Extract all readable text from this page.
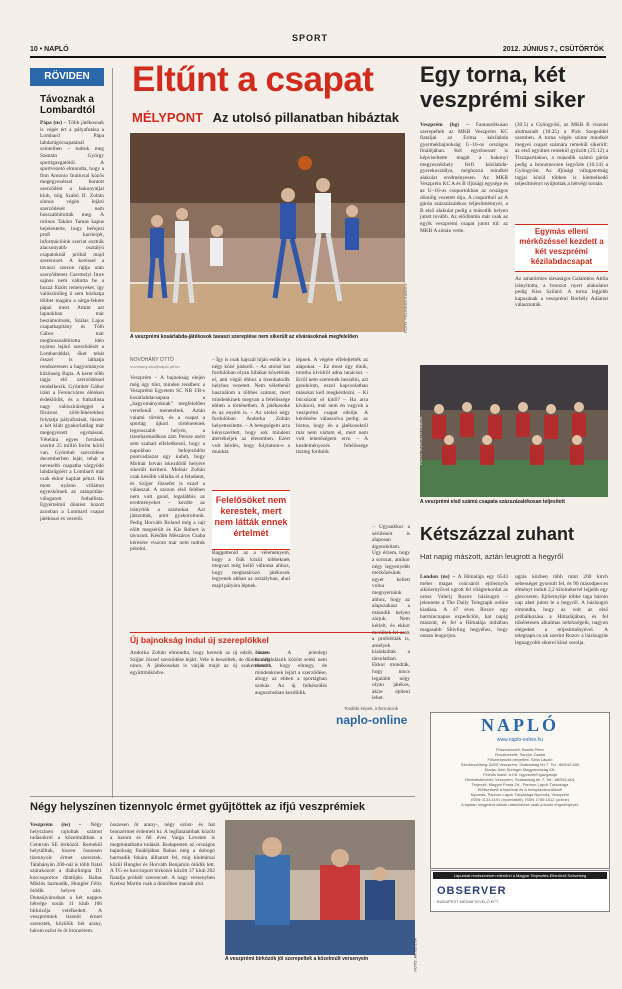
10 • NAPLÓ
SPORT
2012. JÚNIUS 7., CSÜTÖRTÖK
RÖVIDEN
Távoznak a Lombardtól

Pápa (ns) – Több játékosnak is végét ért a pályafutása a Lombard Pápa labdarúgócsapatánál szinteiben – tudtuk meg Szentán György sportigazgatótól. A sportvezető elmondta, hogy a finn Antonio Inuituval közös megegyezéssel bontott szerződést a hakonyaljai klub, míg Szabó II. Zoltán sínnus végén lejáró szerződését nem hosszabbították meg. A rutinos Takács Tamás kapus bejelentette, hogy befejezi profi karrierjét, információink szerint osztrák alacsonyabb osztályú csapatoknál próbál majd szerencsét. A keréssel a tavaszi szezon rajtja után szerződtetett Csermelyi Imre sajnos nem váltotta be a hozzá fűzött reményeket, így valószínűleg ő sem húzhatja többet magára a sárga-fekete pápai mezt. Amint azt lapunkban már beszámoltunk, Szálas Lajos csapatkapitány és Tóth Gábor már meghosszabbította idén nyáron lejáró szerződését a Lombardddal, őket tehát ősszel is láthatja rendszeresen a hagyományos közönség Bajta. A keret több tagja elő szerződéssel rendelkezik. Gyömbér Gábor iránt a Ferencváros élénken érdeklődik, és a futballista nagy valószínűséggel a fővárosi zöld-fehérekhez folytatja pályafutását, hiszen a két klub gyakorlatilag már megegyezett egymással. Vételára egyes források szerint 25 millió forint körül van. Gyömbér szerződése decemberben lejár, tehát a nevesebb csapatba várgyódó labdarúgóért a Lombard már csak ekkor kaphat pénzt. Ha most nyáron villámot egyezkötnek az utánpótlás-válogatott futballista. Egyértelmű döntést hozott azonban a Lombard csapat játékosai és vezetői.

Eltűnt a csapat
MÉLYPONT Az utolsó pillanatban hibáztak
A veszprémi kosárlabda-játékosok tavaszi szereplése nem sikerült az elvárásoknak megfelelően
FOTÓ: PÁLINKÁS KÁROLY
NOVOHÁNY OTTÓ
novohany.otto@naplo.plt.hu

Veszprém – A bajnokság elején még úgy tűnt, minden rendben: a Veszprémi Egyetem SC NB I/B-s kosárlabdacsapata a „hagyományoknak" megfelelően veretlenül meneteltek. Aztán valami történt, és a csapat a sportág újkori történetének legrosszabb helyén, a tizenharmadikon zárt. Persze azért sem szabad elfeledkezni, hogy a napokban befejeződött pontvadászat úgy indult, hogy Molnár István iskezdődő helyére sikerült keríteni. Molnár Zoltán csak később vállalta el a feladatot, és Szijjer Józsefet is ezzel a válasszal. A szezon első felében nem volt gond, legalábbis az eredményeket – kezdte az irányítók a számokat. Azt játszottuk, amit gyakoroltunk. Pedig Horváth Roland még a rajt előtt megsérült és Kis Róbert is távozott. Később Mészáros Csaba kérésére viszont már nem tudtuk pótolni.

– Így is csak hajszál híján estük le a négy közé jutásról. – Az utolsó hat fordulóban olyan hibákat követtünk el, ami végül éhhez a tizenhatodik helyhez vezetett. Nem véletlenül használom a többes számot, mert mindenkinek megvan a felelőssége ebben a történetben. A játékosoké és az enyém is. – Az utolsó négy fordulóban Andorka Zoltán helyettesítette. – A betegségem arra kényszerített, hogy sok mindent átértékeljek az életemben. Ezért volt kérdés, hogy folytatom-e a munkát.

lépnek. A végére elfelejtették az alapokat. – Ez most úgy tűnik, mintha kívülről adna tanácsot. – Erről nem szeretnék beszélni, azt gondolom, ezzel kapcsolatban másokat kell megkérdezni. – Ki búcsúzott el kitől? – Ha arra kíváncsi, már nem én vagyok a veszprémi csapat edzője. A kérdésére válaszolva pedig: az biztos, hogy én a játékosoktól már nem vártam el, mert nem volt lehetőségem erre. – A kezdeményezés felelőssége tiszteg fordulót.

– Ugyankkor a sérüléseit is alaposan átgondoltam. Úgy érzem, hogy a sorozat, amikor négy legyenyebb mérkőzésünk egyet kellett volna megnyernünk ahhoz, hogy az alapszakasz a második helyen zárjuk. Nem kérlelt, és ekkor merültek fel azok a problémák is, amelyek kialakultak a társulatban. Ekkor mondták, hogy nincs legalább négy olyan játékos, akire építeni lehet.

Felelősöket nem kerestek, mert nem látták ennek értelmét

Baggettenül az a véleményem, hogy a fiúk közül többeknek megvan még kellő váltoma ahhoz, hogy meghatározó játékosok legyenek abban az osztályban, ahol majd pályára lépnek.

Új bajnokság indul új szereplőkkel

Andorka Zoltán elmondta, hogy keresik az új edzőt, hiszen Szijjer József szerződése lejárt. Vele is beszéltek, de döntés még nincs. A játékosokat is várják majd az új szakemberrel együttműködve.

összes. A jelenlegi kosárlabdázók között senki nem mondta, hogy elmegy, de mindenkinek lejárt a szerződése, ahogy az ebben a sportágban szokás. Az új felkészülés augusztusban kezdődik.

További képek, információk
naplo-online
Egy torna, két veszprémi siker

Veszprém (bg) – Fantasztikusan szerepeltek az MKB Veszprém KC fiataljai az Erima kézilabda gyermekbajnokság U–16-os országos fináléjában. Két egyéinessel is képviseltette magát a bakonyi megyeszékhely férfi kézilabda-gyerekosztálya, méghozzá mindkét alakulat eredményesen. Az MKB Veszprém KC A és B ifjúsági egysége és az U–16-os csoportokban az országos döntőig vezetett útja. A csoportból az A gárda százszázalékos teljesítménnyel, a B első alakulat pedig a második helyen jutott tovább. Az elődöntőn már csak az egyik veszprémi csapat jutott túl: az MKB A simán verte.

(30:5) a Gyöngyösi, az MKB B viszont alulmaradt (18:25) a Pick Szegeddel szemben. A torna végén szinte mindkét megyei csapat számára remekül sikerült: az első együttes remekül győzött (25:12) a Tiszapartiakon, a második számú gárda pedig a bronzmecsen legyőzte (16:14) a Gyöngyöst. Az ifjúsági válogatottság tagjai közül többen is kiemelkedő teljesítményt nyújtottak a hétvégi tornán.

Egymás elleni mérkőzéssel kezdett a két veszprémi kézilabdacsapat

Az amatőrmes társaságot Galambos Attila irányította, a bronzot nyert alakulatot pedig Kiss Szilárd. A torna legjobb kapusának a veszprémi Borbély Adámot választották.

A veszprémi első számú csapata százszázalékosan teljesített
FOTÓ: HORVÁTH GÁBOR
Kétszázzal zuhant
Hat napig mászott, aztán leugrott a hegyről

London (ns) – A Himalája egy 6543 méter magas csúcsáról ejtőernyős siklóernyővel ugrott fel világrekordot az orosz Valerij Rozov bázisugró – jelentette a The Daily Telegraph online kiadása. A 47 éves Rozov egy harmincnapos expedíción, hat napig mászott, és fel a Himalája indiában magasabb Shivling hegyéhez, hogy onnan leugorjon.

ugrás közben több mint 200 km/h sebességet gyorsult fel, és 90 másodperces élményt indult 2,2 kilométerrel lejjebb egy gleccseren. Ejtőernyője többé taga három nap alatt jutott le a hegyről. A bázisugró elmondta, hogy az volt az első próbálkozása a Himalájában, és fel tökéletesen alkalmas nehézségeik, nagyon elégedett a teljesítményével. A telegraph.co.uk szerint Rozov a bázisugrás legnagyobb sikerei közé sorolja.

NAPLÓ
www.naplo-online.hu
Főszerkesztő: Banfai Péter
Rovatvezető: Sándor Csaba
Főszerkesztő-helyettes: Szita László
Szerkesztőség: 8200 Veszprém, Szabadság tér 7. Tel.: 88/542-600
Kiadja: Axel Springer Magyarország Kft.
Felelős kiadó: a Kft. ügyvezető igazgatója
Hirdetésfelvétel: Veszprém, Szabadság tér 7. Tel.: 88/542-601
Terjeszti: Magyar Posta Zrt., Pannon Lapok Társasága
Előfizethető a kiadónál és a hírlapkézbesítőknél
Nyomás: Pannon Lapok Társasága Nyomda, Veszprém
ISSN 0133-1191 (nyomtatott), ISSN 1789-1612 (online)
A lapban megjelent cikkek utánközlése csak a kiadó engedélyével.
Lapunkat rendszeresen ellenőrzi a Magyar Terjesztés-Ellenőrző Szövetség
OBSERVER
BUDAPEST MÉDIAFIGYELŐ KFT.
Négy helyszínen tizennyolc érmet gyűjtöttek az ifjú veszprémiek

Veszprém (ns) – Négy helyszínen rajtoltak számot tudásukról a kőzelmúltban a Centrum SE birkózói. Remekül helytálltak, hiszen összesen tizennyolc érmet szereztek. Tatabányán 200-nál is több fiatal szórakozott a diákolimpia D1 korcsoportos döntőjén. Baltas Miklós harmadik, Hungler Félix ötödik helyen zárt. Dunaújvárosban a két nappos hétvége során 11 klub 106 birkózója vetélkedett. A veszprémiek tizenöt érmet szereztek, közülük hét arany, három ezüst és öt bronzérem.

összesen öt arany-, négy ezüst- és hat bronzérmet érdemelt ki. A legfiatalabbak között a harom és fél éves Varga Levente is megmutathatta tudását. Budapesten az országos bajnokság fináléjában Baltas még a dobogó harmadik fokára állhatott fel, míg klubtársai közül Hungler és Horváth Benjamin ötödik lett. A TG-es korcsoport birkózói között 37 klub 202 fiatalja próbált szerencsét. A nagy versenyben Krebsz Martin csak a döntőben maradt alul.

A veszprémi birkózók jól szerepeltek a közelmúlt versenyein	FOTÓ: ARTEI ÉVA
